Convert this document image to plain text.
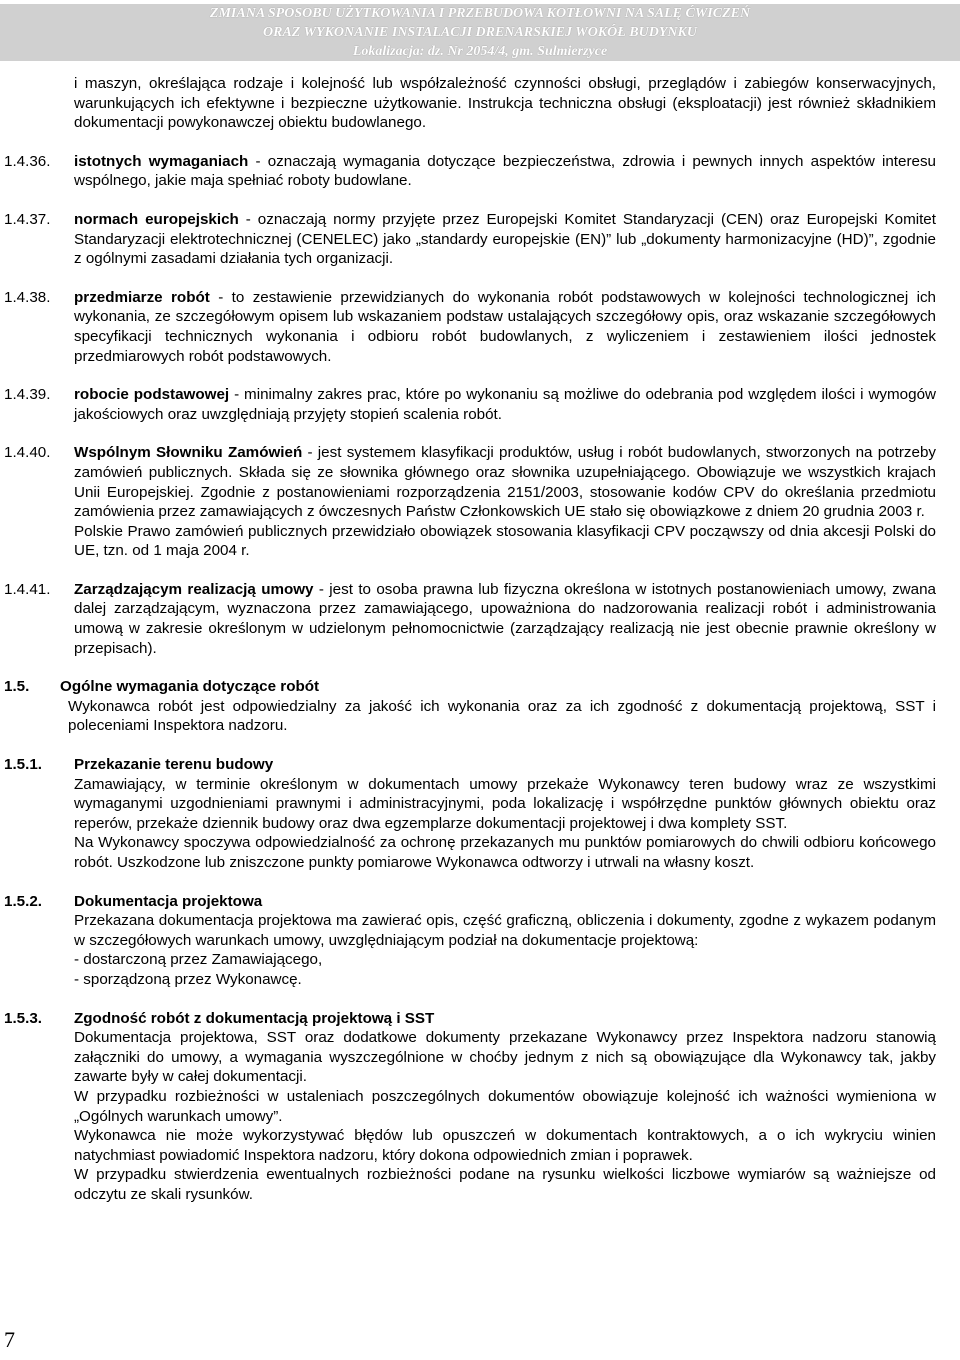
ZMIANA SPOSOBU UŻYTKOWANIA I PRZEBUDOWA KOTŁOWNI NA SALĘ ĆWICZEŃ
ORAZ WYKONANIE INSTALACJI DRENARSKIEJ WOKÓŁ BUDYNKU
Lokalizacja: dz. Nr 2054/4, gm. Sulmierzyce

i maszyn, określająca rodzaje i kolejność lub współzależność czynności obsługi, przeglądów i zabiegów konserwacyjnych, warunkujących ich efektywne i bezpieczne użytkowanie. Instrukcja techniczna obsługi (eksploatacji) jest również składnikiem dokumentacji powykonawczej obiektu budowlanego.

1.4.36.	istotnych wymaganiach - oznaczają wymagania dotyczące bezpieczeństwa, zdrowia i pewnych innych aspektów interesu wspólnego, jakie maja spełniać roboty budowlane.

1.4.37.	normach europejskich - oznaczają normy przyjęte przez Europejski Komitet Standaryzacji (CEN) oraz Europejski Komitet Standaryzacji elektrotechnicznej (CENELEC) jako „standardy europejskie (EN)” lub „dokumenty harmonizacyjne (HD)”, zgodnie z ogólnymi zasadami działania tych organizacji.

1.4.38.	przedmiarze robót - to zestawienie przewidzianych do wykonania robót podstawowych w kolejności technologicznej ich wykonania, ze szczegółowym opisem lub wskazaniem podstaw ustalających szczegółowy opis, oraz wskazanie szczegółowych specyfikacji technicznych wykonania i odbioru robót budowlanych, z wyliczeniem i zestawieniem ilości jednostek przedmiarowych robót podstawowych.

1.4.39.	robocie podstawowej - minimalny zakres prac, które po wykonaniu są możliwe do odebrania pod względem ilości i wymogów jakościowych oraz uwzględniają przyjęty stopień scalenia robót.

1.4.40.	Wspólnym Słowniku Zamówień - jest systemem klasyfikacji produktów, usług i robót budowlanych, stworzonych na potrzeby zamówień publicznych. Składa się ze słownika głównego oraz słownika uzupełniającego. Obowiązuje we wszystkich krajach Unii Europejskiej. Zgodnie z postanowieniami rozporządzenia 2151/2003, stosowanie kodów CPV do określania przedmiotu zamówienia przez zamawiających z ówczesnych Państw Członkowskich UE stało się obowiązkowe z dniem 20 grudnia 2003 r.

Polskie Prawo zamówień publicznych przewidziało obowiązek stosowania klasyfikacji CPV począwszy od dnia akcesji Polski do UE, tzn. od 1 maja 2004 r.

1.4.41.	Zarządzającym realizacją umowy - jest to osoba prawna lub fizyczna określona w istotnych postanowieniach umowy, zwana dalej zarządzającym, wyznaczona przez zamawiającego, upoważniona do nadzorowania realizacji robót i administrowania umową w zakresie określonym w udzielonym pełnomocnictwie (zarządzający realizacją nie jest obecnie prawnie określony w przepisach).

1.5. Ogólne wymagania dotyczące robót

Wykonawca robót jest odpowiedzialny za jakość ich wykonania oraz za ich zgodność z dokumentacją projektową, SST i poleceniami Inspektora nadzoru.

1.5.1. Przekazanie terenu budowy

Zamawiający, w terminie określonym w dokumentach umowy przekaże Wykonawcy teren budowy wraz ze wszystkimi wymaganymi uzgodnieniami prawnymi i administracyjnymi, poda lokalizację i współrzędne punktów głównych obiektu oraz reperów, przekaże dziennik budowy oraz dwa egzemplarze dokumentacji projektowej i dwa komplety SST.

Na Wykonawcy spoczywa odpowiedzialność za ochronę przekazanych mu punktów pomiarowych do chwili odbioru końcowego robót. Uszkodzone lub zniszczone punkty pomiarowe Wykonawca odtworzy i utrwali na własny koszt.

1.5.2. Dokumentacja projektowa

Przekazana dokumentacja projektowa ma zawierać opis, część graficzną, obliczenia i dokumenty, zgodne z wykazem podanym w szczegółowych warunkach umowy, uwzględniającym podział na dokumentacje projektową:

- dostarczoną przez Zamawiającego,
- sporządzoną przez Wykonawcę.
1.5.3. Zgodność robót z dokumentacją projektową i SST

Dokumentacja projektowa, SST oraz dodatkowe dokumenty przekazane Wykonawcy przez Inspektora nadzoru stanowią załączniki do umowy, a wymagania wyszczególnione w choćby jednym z nich są obowiązujące dla Wykonawcy tak, jakby zawarte były w całej dokumentacji.

W przypadku rozbieżności w ustaleniach poszczególnych dokumentów obowiązuje kolejność ich ważności wymieniona w „Ogólnych warunkach umowy”.

Wykonawca nie może wykorzystywać błędów lub opuszczeń w dokumentach kontraktowych, a o ich wykryciu winien natychmiast powiadomić Inspektora nadzoru, który dokona odpowiednich zmian i poprawek.

W przypadku stwierdzenia ewentualnych rozbieżności podane na rysunku wielkości liczbowe wymiarów są ważniejsze od odczytu ze skali rysunków.

7
